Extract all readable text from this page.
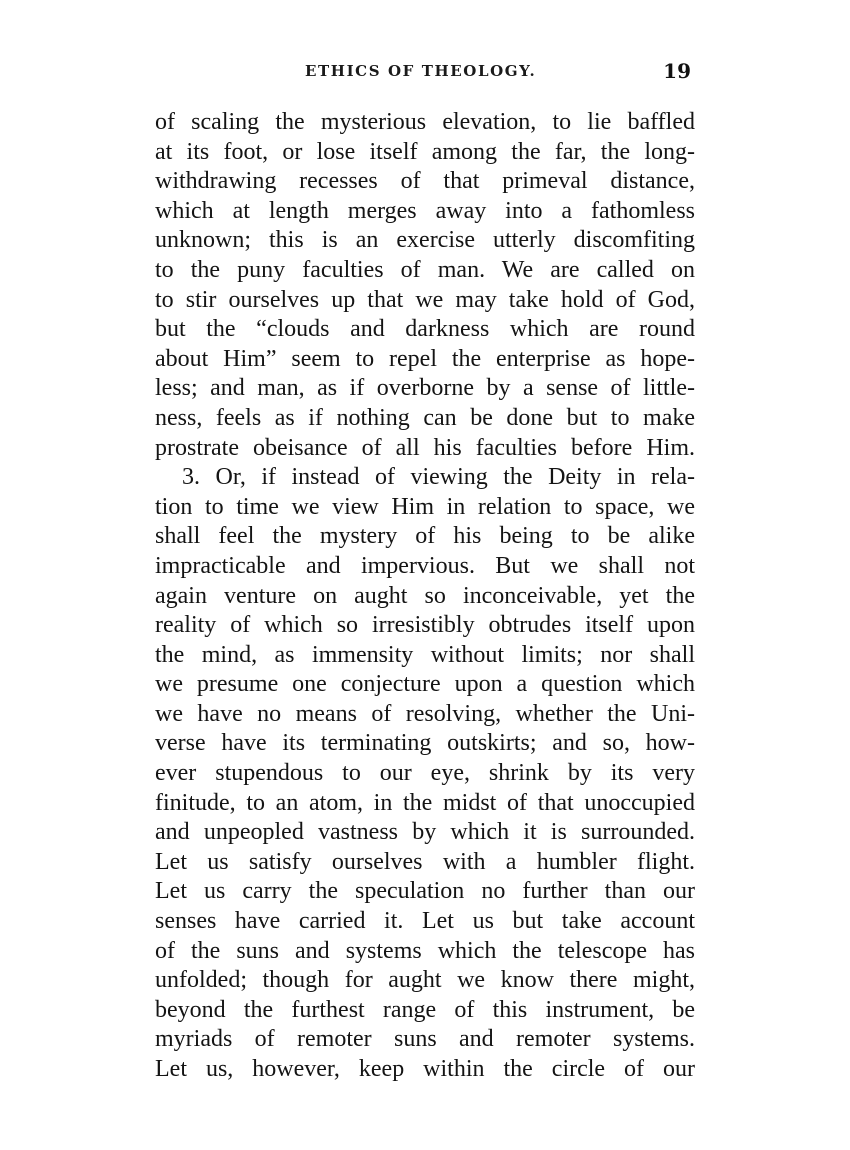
ETHICS OF THEOLOGY.	19
of scaling the mysterious elevation, to lie baffled
at its foot, or lose itself among the far, the long-
withdrawing recesses of that primeval distance,
which at length merges away into a fathomless
unknown; this is an exercise utterly discomfiting
to the puny faculties of man. We are called on
to stir ourselves up that we may take hold of God,
but the “clouds and darkness which are round
about Him” seem to repel the enterprise as hope-
less; and man, as if overborne by a sense of little-
ness, feels as if nothing can be done but to make
prostrate obeisance of all his faculties before Him.
3. Or, if instead of viewing the Deity in rela-
tion to time we view Him in relation to space, we
shall feel the mystery of his being to be alike
impracticable and impervious. But we shall not
again venture on aught so inconceivable, yet the
reality of which so irresistibly obtrudes itself upon
the mind, as immensity without limits; nor shall
we presume one conjecture upon a question which
we have no means of resolving, whether the Uni-
verse have its terminating outskirts; and so, how-
ever stupendous to our eye, shrink by its very
finitude, to an atom, in the midst of that unoccupied
and unpeopled vastness by which it is surrounded.
Let us satisfy ourselves with a humbler flight.
Let us carry the speculation no further than our
senses have carried it. Let us but take account
of the suns and systems which the telescope has
unfolded; though for aught we know there might,
beyond the furthest range of this instrument, be
myriads of remoter suns and remoter systems.
Let us, however, keep within the circle of our
